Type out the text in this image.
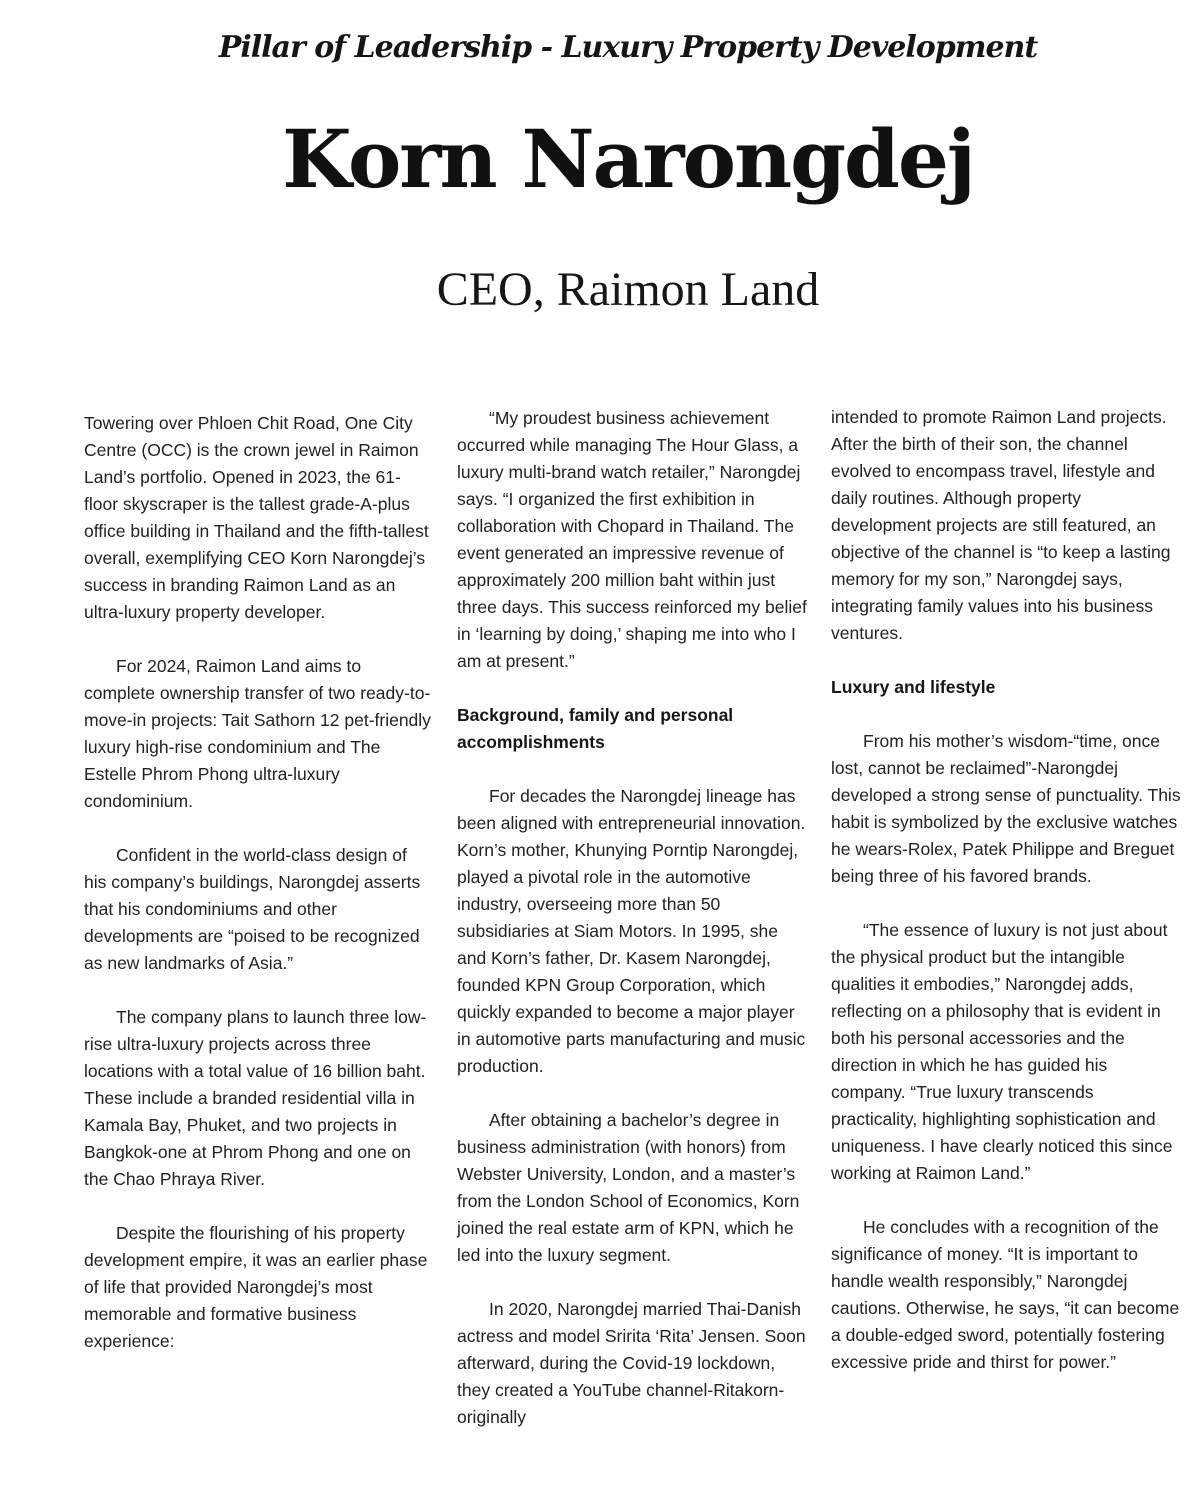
Pillar of Leadership - Luxury Property Development
Korn Narongdej
CEO, Raimon Land

Towering over Phloen Chit Road, One City Centre (OCC) is the crown jewel in Raimon Land’s portfolio. Opened in 2023, the 61-floor skyscraper is the tallest grade-A-plus office building in Thailand and the fifth-tallest overall, exemplifying CEO Korn Narongdej’s success in branding Raimon Land as an ultra-luxury property developer.

For 2024, Raimon Land aims to complete ownership transfer of two ready-to-move-in projects: Tait Sathorn 12 pet-friendly luxury high-rise condominium and The Estelle Phrom Phong ultra-luxury condominium.

Confident in the world-class design of his company’s buildings, Narongdej asserts that his condominiums and other developments are “poised to be recognized as new landmarks of Asia.”

The company plans to launch three low-rise ultra-luxury projects across three locations with a total value of 16 billion baht. These include a branded residential villa in Kamala Bay, Phuket, and two projects in Bangkok-one at Phrom Phong and one on the Chao Phraya River.

Despite the flourishing of his property development empire, it was an earlier phase of life that provided Narongdej’s most memorable and formative business experience:

“My proudest business achievement occurred while managing The Hour Glass, a luxury multi-brand watch retailer,” Narongdej says. “I organized the first exhibition in collaboration with Chopard in Thailand. The event generated an impressive revenue of approximately 200 million baht within just three days. This success reinforced my belief in ‘learning by doing,’ shaping me into who I am at present.”

Background, family and personal accomplishments

For decades the Narongdej lineage has been aligned with entrepreneurial innovation. Korn’s mother, Khunying Porntip Narongdej, played a pivotal role in the automotive industry, overseeing more than 50 subsidiaries at Siam Motors. In 1995, she and Korn’s father, Dr. Kasem Narongdej, founded KPN Group Corporation, which quickly expanded to become a major player in automotive parts manufacturing and music production.

After obtaining a bachelor’s degree in business administration (with honors) from Webster University, London, and a master’s from the London School of Economics, Korn joined the real estate arm of KPN, which he led into the luxury segment.

In 2020, Narongdej married Thai-Danish actress and model Sririta ‘Rita’ Jensen. Soon afterward, during the Covid-19 lockdown, they created a YouTube channel-Ritakorn-originally

intended to promote Raimon Land projects. After the birth of their son, the channel evolved to encompass travel, lifestyle and daily routines. Although property development projects are still featured, an objective of the channel is “to keep a lasting memory for my son,” Narongdej says, integrating family values into his business ventures.

Luxury and lifestyle

From his mother’s wisdom-“time, once lost, cannot be reclaimed”-Narongdej developed a strong sense of punctuality. This habit is symbolized by the exclusive watches he wears-Rolex, Patek Philippe and Breguet being three of his favored brands.

“The essence of luxury is not just about the physical product but the intangible qualities it embodies,” Narongdej adds, reflecting on a philosophy that is evident in both his personal accessories and the direction in which he has guided his company. “True luxury transcends practicality, highlighting sophistication and uniqueness. I have clearly noticed this since working at Raimon Land.”

He concludes with a recognition of the significance of money. “It is important to handle wealth responsibly,” Narongdej cautions. Otherwise, he says, “it can become a double-edged sword, potentially fostering excessive pride and thirst for power.”
